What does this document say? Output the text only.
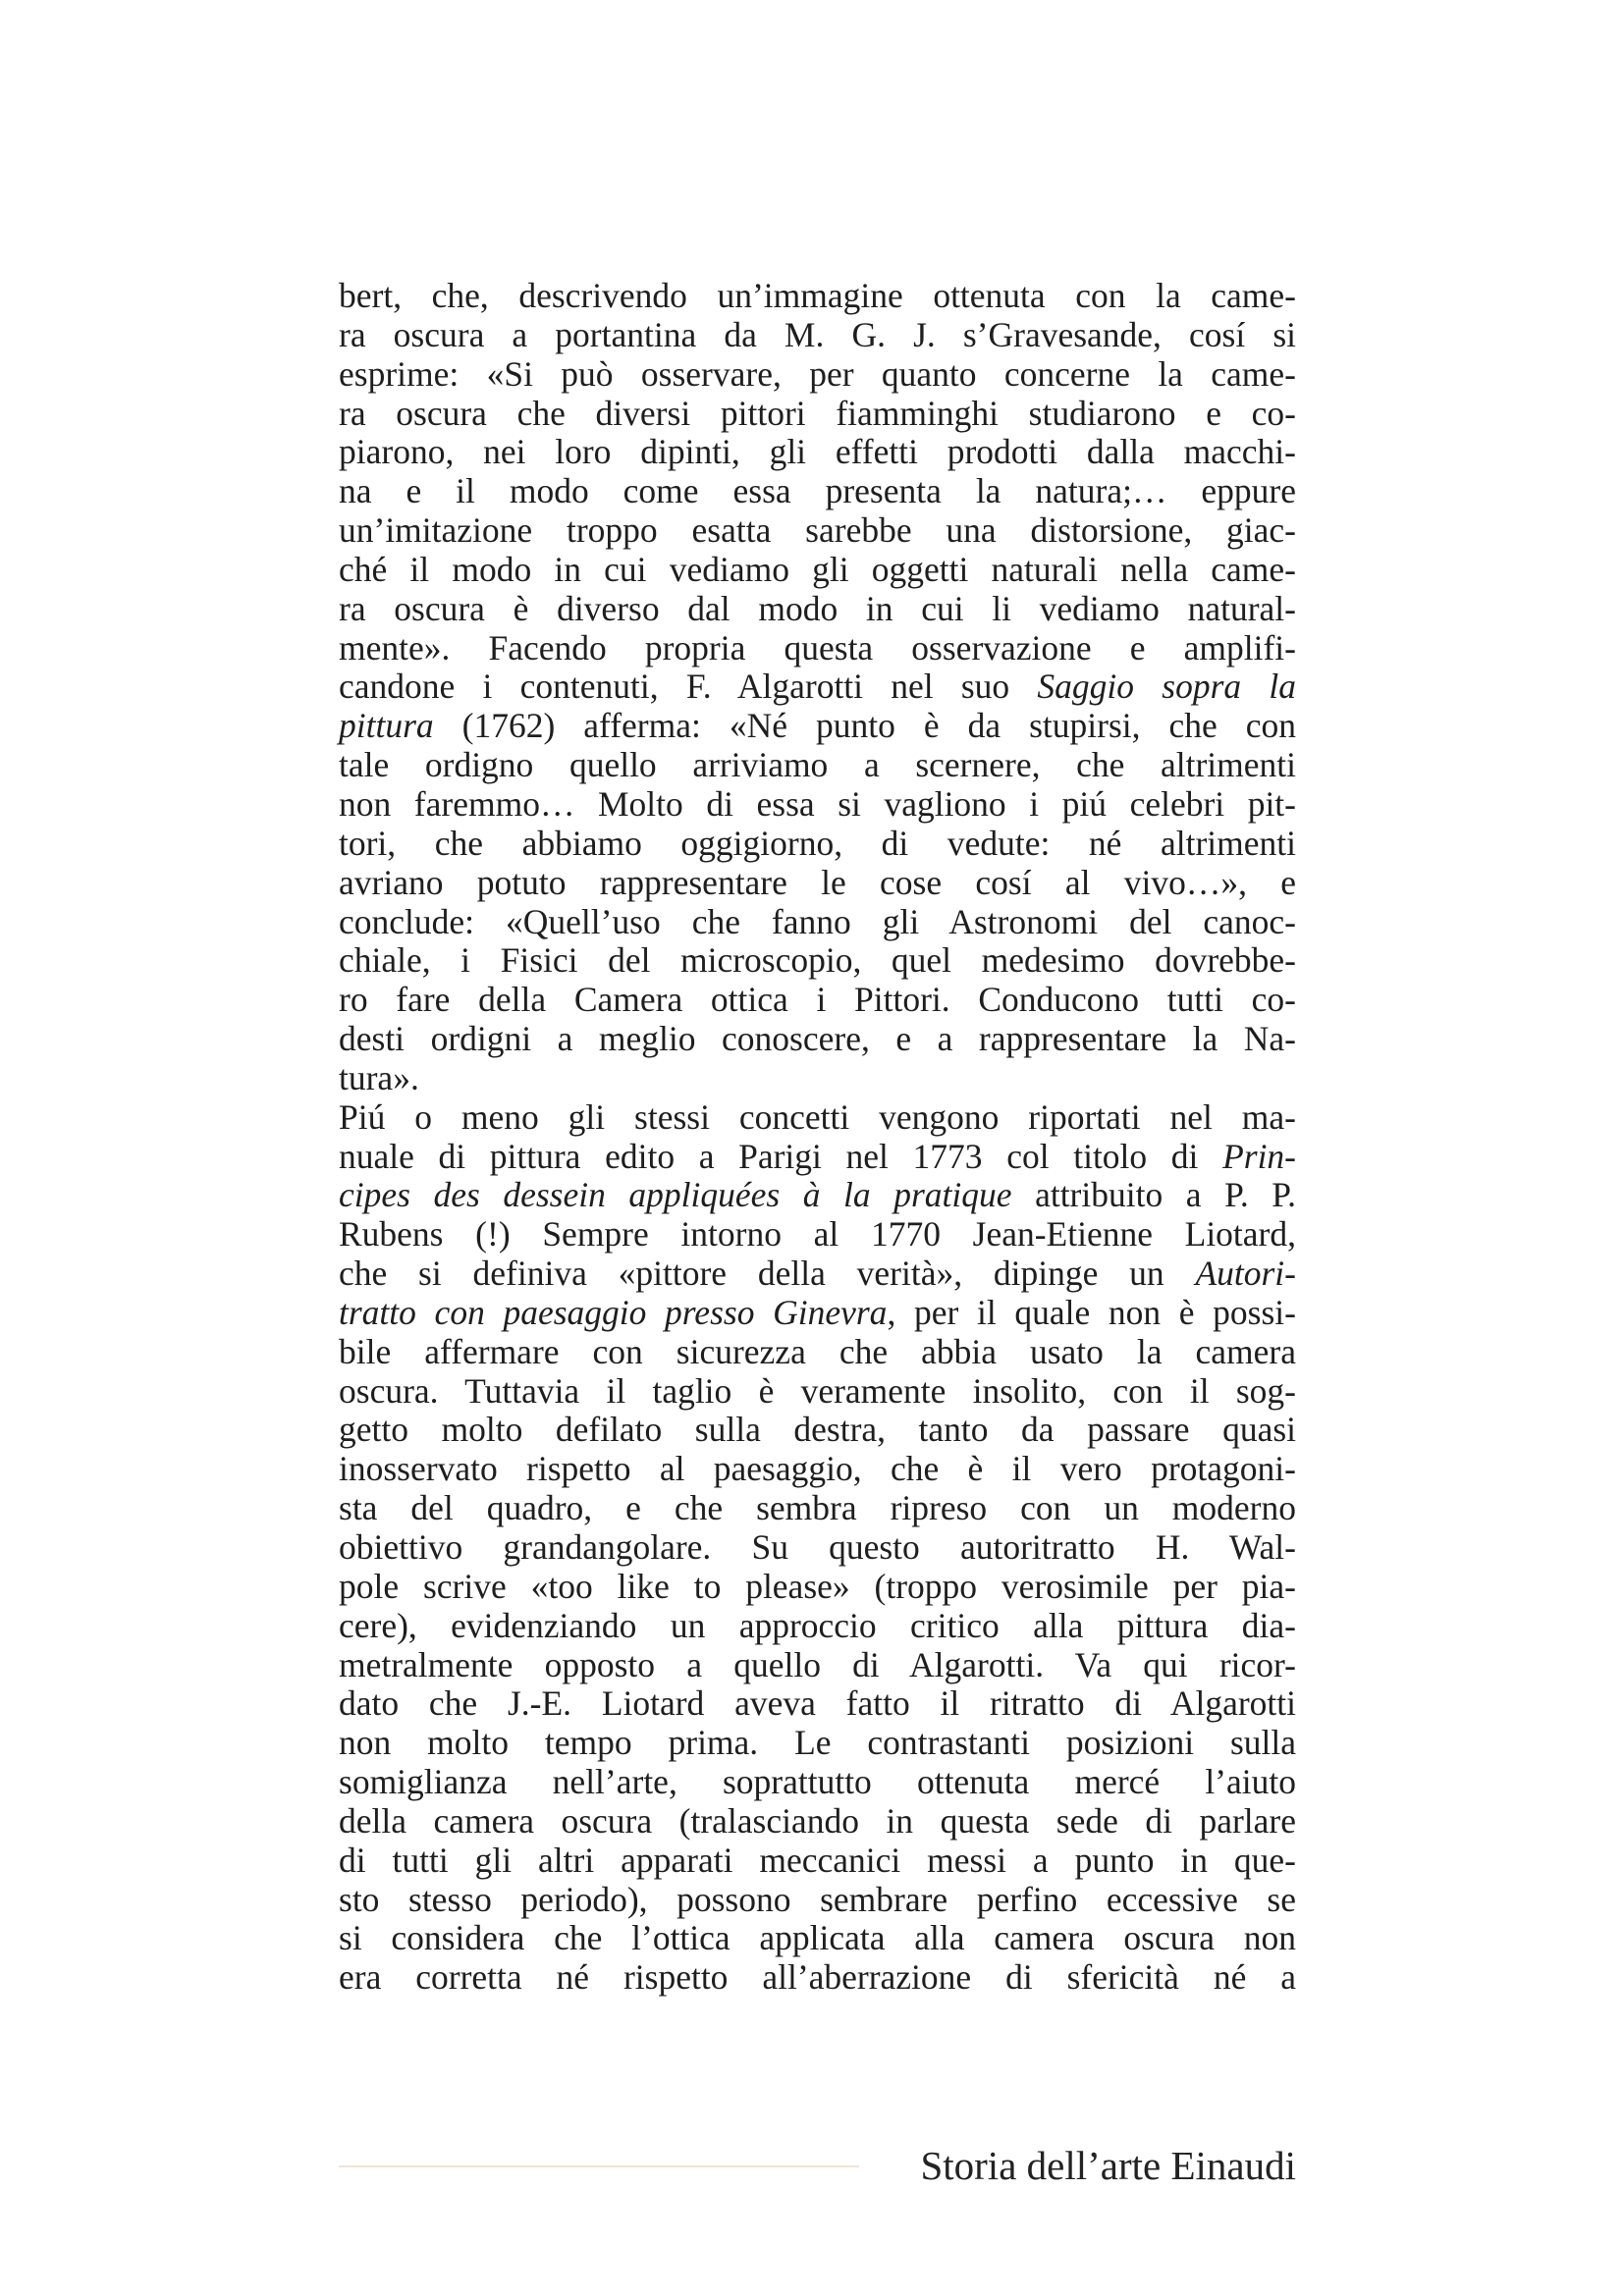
bert, che, descrivendo un’immagine ottenuta con la came-
ra oscura a portantina da M. G. J. s’Gravesande, cosí si
esprime: «Si può osservare, per quanto concerne la came-
ra oscura che diversi pittori fiamminghi studiarono e co-
piarono, nei loro dipinti, gli effetti prodotti dalla macchi-
na e il modo come essa presenta la natura;… eppure
un’imitazione troppo esatta sarebbe una distorsione, giac-
ché il modo in cui vediamo gli oggetti naturali nella came-
ra oscura è diverso dal modo in cui li vediamo natural-
mente». Facendo propria questa osservazione e amplifi-
candone i contenuti, F. Algarotti nel suo Saggio sopra la
pittura (1762) afferma: «Né punto è da stupirsi, che con
tale ordigno quello arriviamo a scernere, che altrimenti
non faremmo… Molto di essa si vagliono i piú celebri pit-
tori, che abbiamo oggigiorno, di vedute: né altrimenti
avriano potuto rappresentare le cose cosí al vivo…», e
conclude: «Quell’uso che fanno gli Astronomi del canoc-
chiale, i Fisici del microscopio, quel medesimo dovrebbe-
ro fare della Camera ottica i Pittori. Conducono tutti co-
desti ordigni a meglio conoscere, e a rappresentare la Na-
tura».
Piú o meno gli stessi concetti vengono riportati nel ma-
nuale di pittura edito a Parigi nel 1773 col titolo di Prin-
cipes des dessein appliquées à la pratique attribuito a P. P.
Rubens (!) Sempre intorno al 1770 Jean-Etienne Liotard,
che si definiva «pittore della verità», dipinge un Autori-
tratto con paesaggio presso Ginevra, per il quale non è possi-
bile affermare con sicurezza che abbia usato la camera
oscura. Tuttavia il taglio è veramente insolito, con il sog-
getto molto defilato sulla destra, tanto da passare quasi
inosservato rispetto al paesaggio, che è il vero protagoni-
sta del quadro, e che sembra ripreso con un moderno
obiettivo grandangolare. Su questo autoritratto H. Wal-
pole scrive «too like to please» (troppo verosimile per pia-
cere), evidenziando un approccio critico alla pittura dia-
metralmente opposto a quello di Algarotti. Va qui ricor-
dato che J.-E. Liotard aveva fatto il ritratto di Algarotti
non molto tempo prima. Le contrastanti posizioni sulla
somiglianza nell’arte, soprattutto ottenuta mercé l’aiuto
della camera oscura (tralasciando in questa sede di parlare
di tutti gli altri apparati meccanici messi a punto in que-
sto stesso periodo), possono sembrare perfino eccessive se
si considera che l’ottica applicata alla camera oscura non
era corretta né rispetto all’aberrazione di sfericità né a
Storia dell’arte Einaudi
